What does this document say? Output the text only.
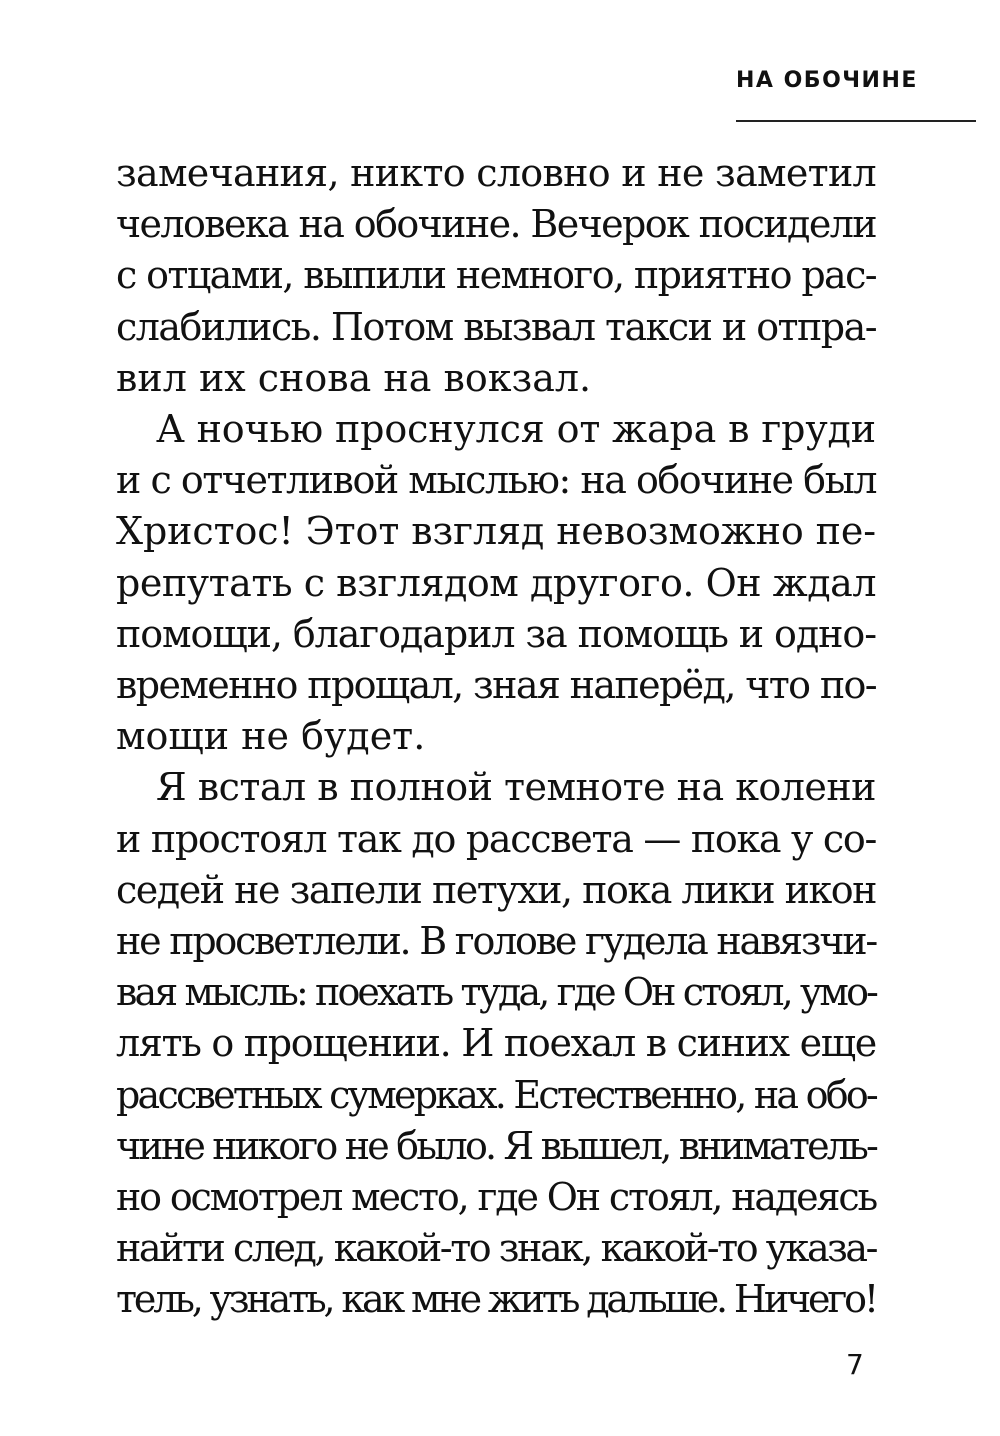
НА ОБОЧИНЕ
замечания, никто словно и не заметил
человека на обочине. Вечерок посидели
с отцами, выпили немного, приятно рас-
слабились. Потом вызвал такси и отпра-
вил их снова на вокзал.
А ночью проснулся от жара в груди
и с отчетливой мыслью: на обочине был
Христос! Этот взгляд невозможно пе-
репутать с взглядом другого. Он ждал
помощи, благодарил за помощь и одно-
временно прощал, зная наперёд, что по-
мощи не будет.
Я встал в полной темноте на колени
и простоял так до рассвета — пока у со-
седей не запели петухи, пока лики икон
не просветлели. В голове гудела навязчи-
вая мысль: поехать туда, где Он стоял, умо-
лять о прощении. И поехал в синих еще
рассветных сумерках. Естественно, на обо-
чине никого не было. Я вышел, вниматель-
но осмотрел место, где Он стоял, надеясь
найти след, какой-то знак, какой-то указа-
тель, узнать, как мне жить дальше. Ничего!
7
